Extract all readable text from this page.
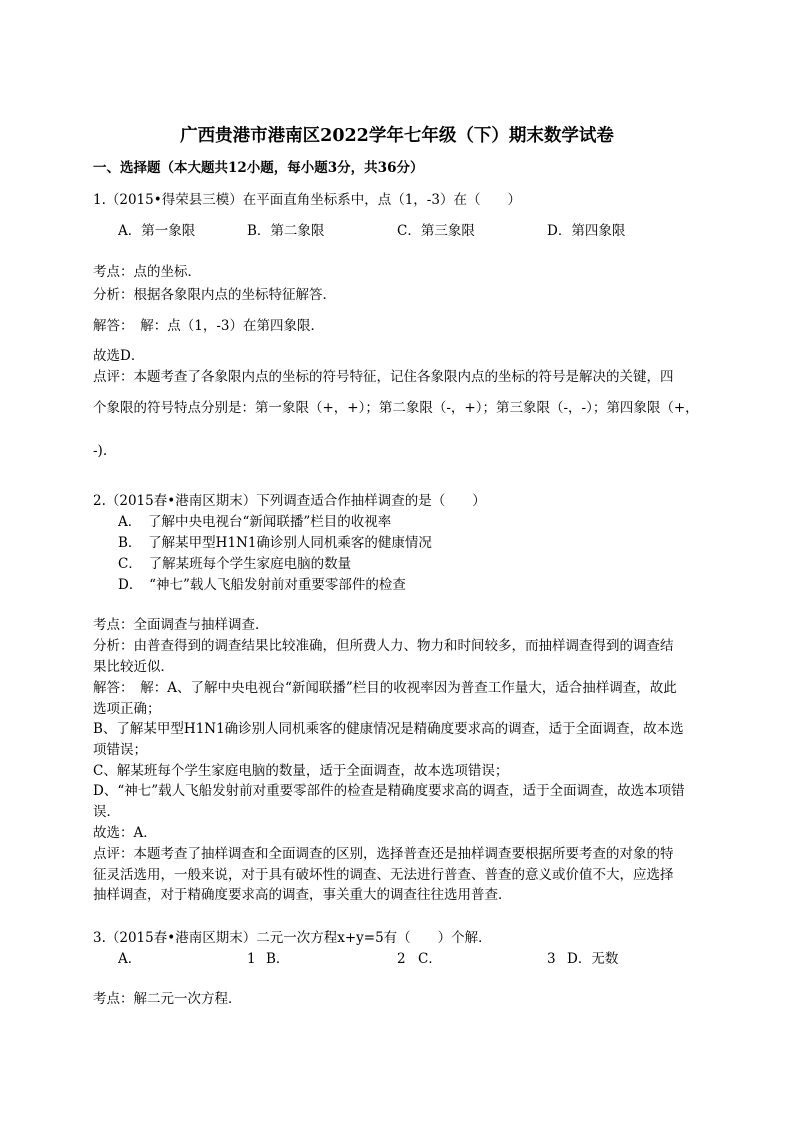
广西贵港市港南区2022学年七年级（下）期末数学试卷
一、选择题（本大题共12小题，每小题3分，共36分）
1.（2015•得荣县三模）在平面直角坐标系中，点（1，-3）在（　　）
A．第一象限	B．第二象限	C．第三象限	D．第四象限
考点：点的坐标．
分析：根据各象限内点的坐标特征解答．
解答：　解：点（1，-3）在第四象限．
故选D．
点评：本题考查了各象限内点的坐标的符号特征，记住各象限内点的坐标的符号是解决的关键，四
个象限的符号特点分别是：第一象限（+，+）；第二象限（-，+）；第三象限（-，-）；第四象限（+，
-).
2.（2015春•港南区期末）下列调查适合作抽样调查的是（　　）
A．　了解中央电视台“新闻联播”栏目的收视率
B．　了解某甲型H1N1确诊别人同机乘客的健康情况
C．　了解某班每个学生家庭电脑的数量
D．　“神七”载人飞船发射前对重要零部件的检查
考点：全面调查与抽样调查．
分析：由普查得到的调查结果比较准确，但所费人力、物力和时间较多，而抽样调查得到的调查结
果比较近似．
解答：　解：A、了解中央电视台“新闻联播”栏目的收视率因为普查工作量大，适合抽样调查，故此
选项正确；
B、了解某甲型H1N1确诊别人同机乘客的健康情况是精确度要求高的调查，适于全面调查，故本选
项错误；
C、解某班每个学生家庭电脑的数量，适于全面调查，故本选项错误；
D、“神七”载人飞船发射前对重要零部件的检查是精确度要求高的调查，适于全面调查，故选本项错
误．
故选：A．
点评：本题考查了抽样调查和全面调查的区别，选择普查还是抽样调查要根据所要考查的对象的特
征灵活选用，一般来说，对于具有破坏性的调查、无法进行普查、普查的意义或价值不大，应选择
抽样调查，对于精确度要求高的调查，事关重大的调查往往选用普查．
3.（2015春•港南区期末）二元一次方程x+y=5有（　　）个解．
A．	1 B．	2 C．	3 D．无数
考点：解二元一次方程．
